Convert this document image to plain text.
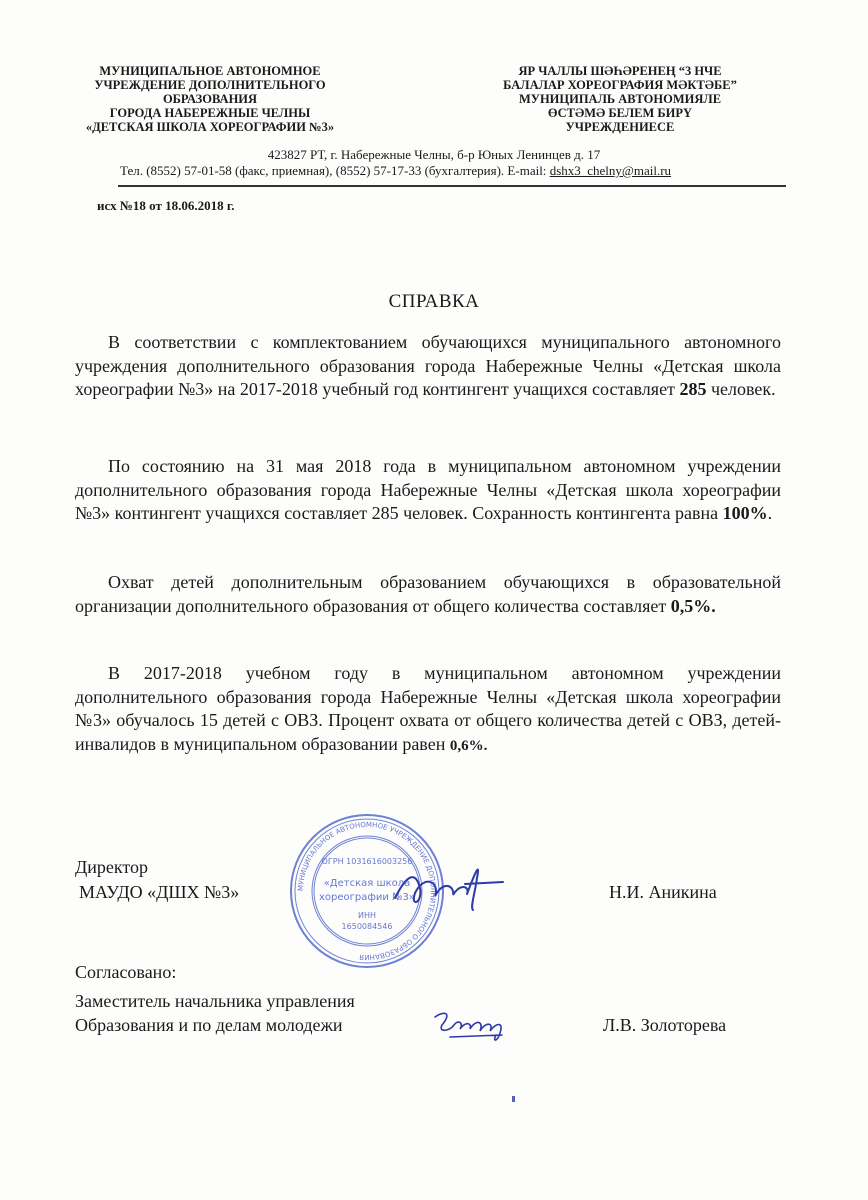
МУНИЦИПАЛЬНОЕ АВТОНОМНОЕ
УЧРЕЖДЕНИЕ ДОПОЛНИТЕЛЬНОГО
ОБРАЗОВАНИЯ
ГОРОДА НАБЕРЕЖНЫЕ ЧЕЛНЫ
«ДЕТСКАЯ ШКОЛА ХОРЕОГРАФИИ №3»
ЯР ЧАЛЛЫ ШӘҺӘРЕНЕҢ “3 НЧЕ
БАЛАЛАР ХОРЕОГРАФИЯ МӘКТӘБЕ”
МУНИЦИПАЛЬ АВТОНОМИЯЛЕ
ӨСТӘМӘ БЕЛЕМ БИРҮ
УЧРЕЖДЕНИЕСЕ
423827 РТ, г. Набережные Челны, б-р Юных Ленинцев д. 17
Тел. (8552) 57-01-58 (факс, приемная), (8552) 57-17-33 (бухгалтерия). E-mail: dshx3_chelny@mail.ru
исх №18 от 18.06.2018 г.
СПРАВКА
В соответствии с комплектованием обучающихся муниципального автономного учреждения дополнительного образования города Набережные Челны «Детская школа хореографии №3» на 2017-2018 учебный год контингент учащихся составляет 285 человек.
По состоянию на 31 мая 2018 года в муниципальном автономном учреждении дополнительного образования города Набережные Челны «Детская школа хореографии №3» контингент учащихся составляет 285 человек. Сохранность контингента равна 100%.
Охват детей дополнительным образованием обучающихся в образовательной организации дополнительного образования от общего количества составляет 0,5%.
В 2017-2018 учебном году в муниципальном автономном учреждении дополнительного образования города Набережные Челны «Детская школа хореографии №3» обучалось 15 детей с ОВЗ. Процент охвата от общего количества детей с ОВЗ, детей-инвалидов в муниципальном образовании равен 0,6%.
Директор
МАУДО «ДШХ №3»	Н.И. Аникина
Согласовано:
Заместитель начальника управления
Образования и по делам молодежи	Л.В. Золоторева
МУНИЦИПАЛЬНОЕ АВТОНОМНОЕ УЧРЕЖДЕНИЕ ДОПОЛНИТЕЛЬНОГО ОБРАЗОВАНИЯ
ОГРН 1031616003256
«Детская школа
хореографии №3»
ИНН
1650084546
